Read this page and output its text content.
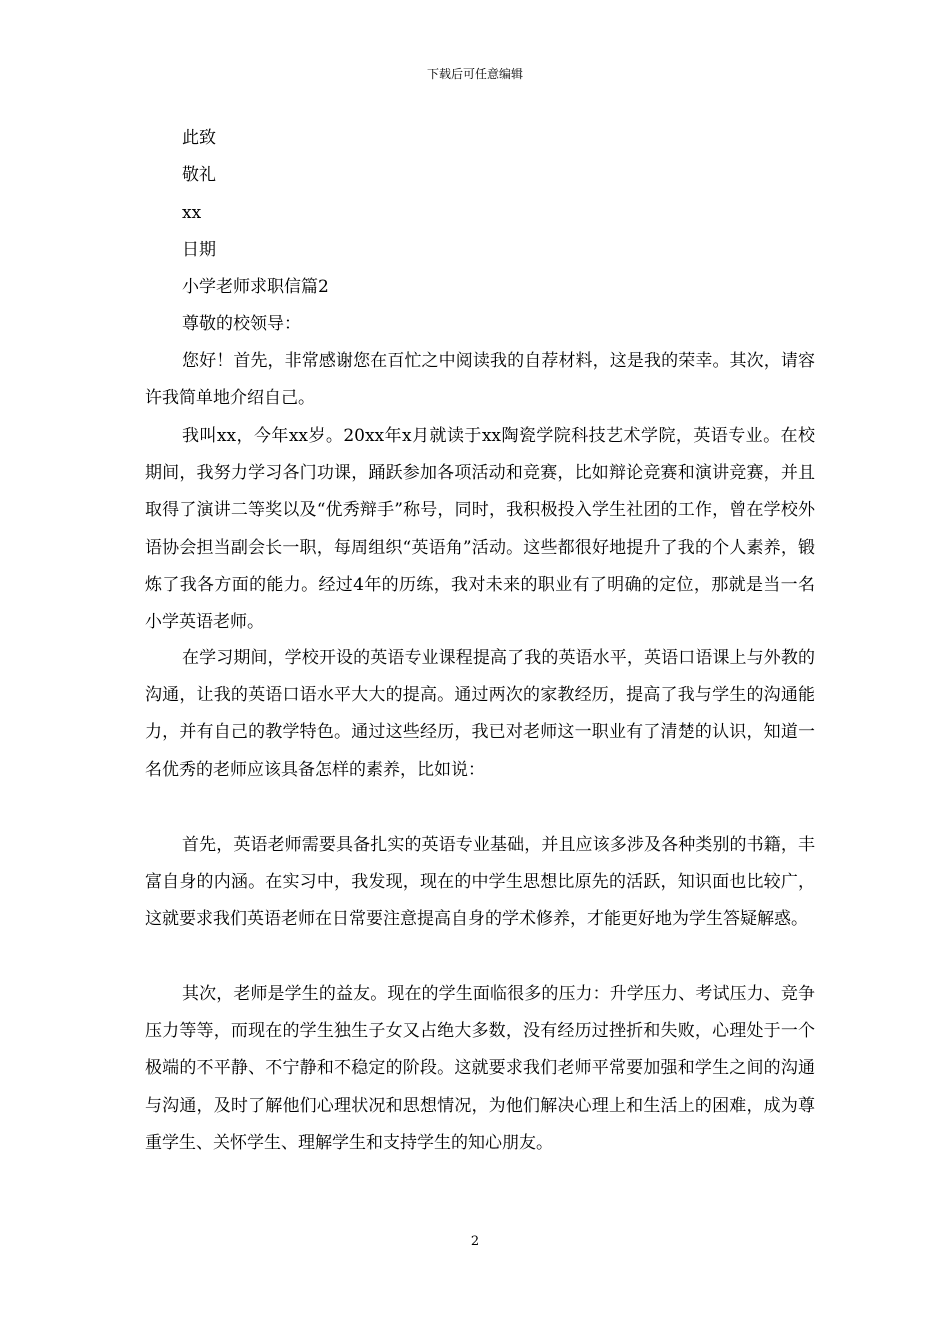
下载后可任意编辑
此致
敬礼
xx
日期
小学老师求职信篇2
尊敬的校领导：

您好！首先，非常感谢您在百忙之中阅读我的自荐材料，这是我的荣幸。其次，请容许我简单地介绍自己。

我叫xx，今年xx岁。20xx年x月就读于xx陶瓷学院科技艺术学院，英语专业。在校期间，我努力学习各门功课，踊跃参加各项活动和竞赛，比如辩论竞赛和演讲竞赛，并且取得了演讲二等奖以及“优秀辩手”称号，同时，我积极投入学生社团的工作，曾在学校外语协会担当副会长一职，每周组织“英语角”活动。这些都很好地提升了我的个人素养，锻炼了我各方面的能力。经过4年的历练，我对未来的职业有了明确的定位，那就是当一名小学英语老师。

在学习期间，学校开设的英语专业课程提高了我的英语水平，英语口语课上与外教的沟通，让我的英语口语水平大大的提高。通过两次的家教经历，提高了我与学生的沟通能力，并有自己的教学特色。通过这些经历，我已对老师这一职业有了清楚的认识，知道一名优秀的老师应该具备怎样的素养，比如说：

首先，英语老师需要具备扎实的英语专业基础，并且应该多涉及各种类别的书籍，丰富自身的内涵。在实习中，我发现，现在的中学生思想比原先的活跃，知识面也比较广，这就要求我们英语老师在日常要注意提高自身的学术修养，才能更好地为学生答疑解惑。

其次，老师是学生的益友。现在的学生面临很多的压力：升学压力、考试压力、竞争压力等等，而现在的学生独生子女又占绝大多数，没有经历过挫折和失败，心理处于一个极端的不平静、不宁静和不稳定的阶段。这就要求我们老师平常要加强和学生之间的沟通与沟通，及时了解他们心理状况和思想情况，为他们解决心理上和生活上的困难，成为尊重学生、关怀学生、理解学生和支持学生的知心朋友。

2
